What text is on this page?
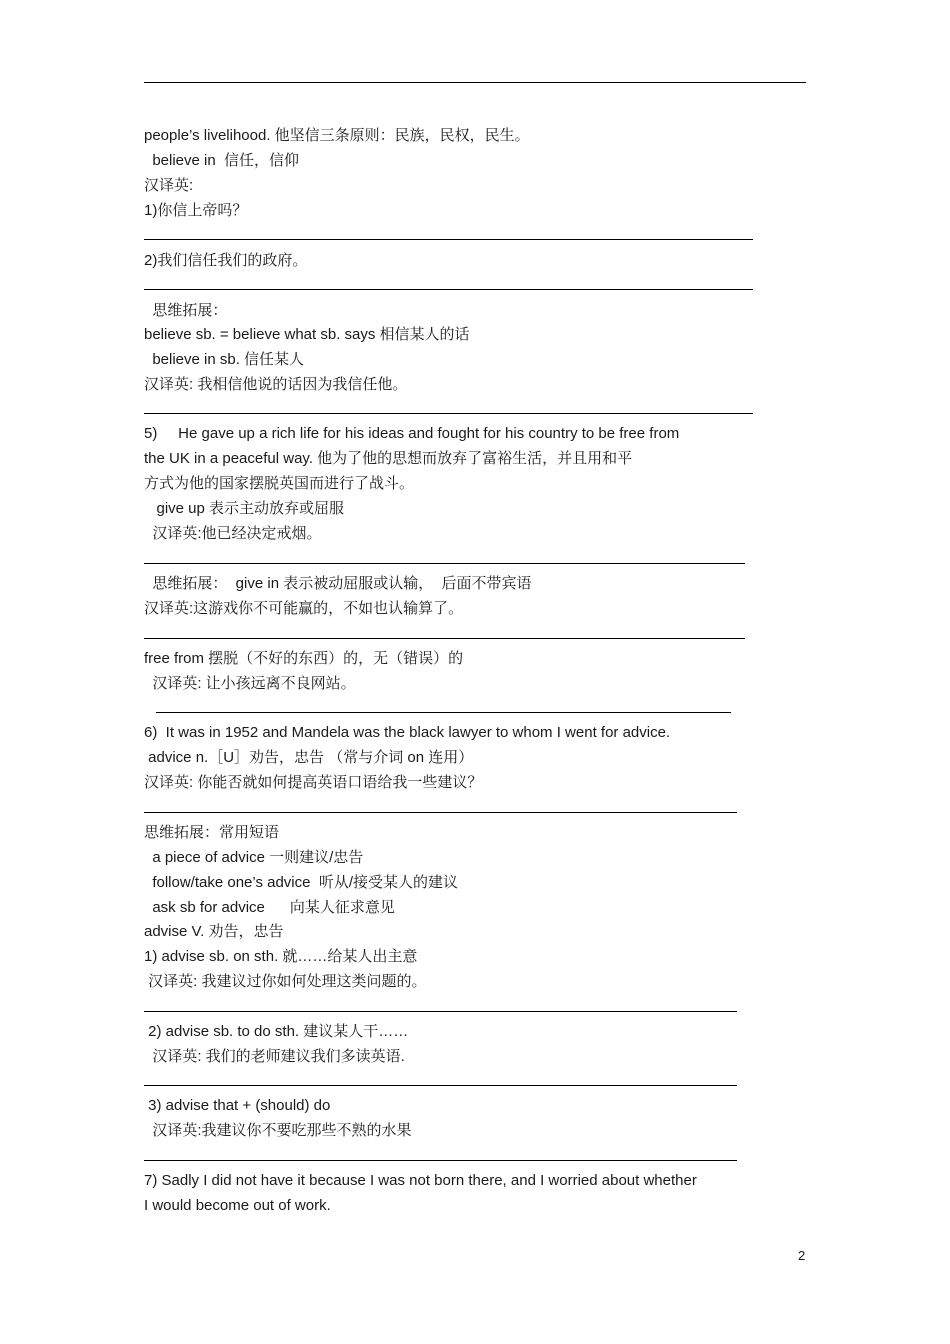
people’s livelihood. 他坚信三条原则：民族，民权，民生。
believe in  信任，信仰
汉译英:
1)你信上帝吗？
2)我们信任我们的政府。
思维拓展：
believe sb. = believe what sb. says 相信某人的话
believe in sb. 信任某人
汉译英: 我相信他说的话因为我信任他。
5)     He gave up a rich life for his ideas and fought for his country to be free from
the UK in a peaceful way. 他为了他的思想而放弃了富裕生活，并且用和平
方式为他的国家摆脱英国而进行了战斗。
give up 表示主动放弃或屈服
汉译英:他已经决定戒烟。
思维拓展：  give in 表示被动屈服或认输，  后面不带宾语
汉译英:这游戏你不可能赢的，不如也认输算了。
free from 摆脱（不好的东西）的，无（错误）的
汉译英: 让小孩远离不良网站。
6)  It was in 1952 and Mandela was the black lawyer to whom I went for advice.
advice n.［U］劝告，忠告 （常与介词 on 连用）
汉译英: 你能否就如何提高英语口语给我一些建议？
思维拓展：常用短语
a piece of advice 一则建议/忠告
follow/take one’s advice  听从/接受某人的建议
ask sb for advice      向某人征求意见
advise V. 劝告，忠告
1) advise sb. on sth. 就……给某人出主意
汉译英: 我建议过你如何处理这类问题的。
2) advise sb. to do sth. 建议某人干……
汉译英: 我们的老师建议我们多读英语.
3) advise that + (should) do
汉译英:我建议你不要吃那些不熟的水果
7) Sadly I did not have it because I was not born there, and I worried about whether
I would become out of work.
2
